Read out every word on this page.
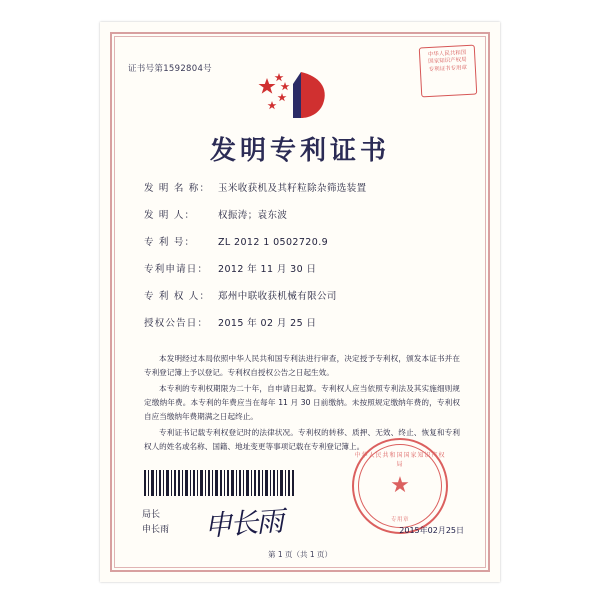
证书号第1592804号
中华人民共和国
国家知识产权局
专利证书专用章
发明专利证书
发 明 名 称： 玉米收获机及其籽粒除杂筛选装置
发 明 人：	权振涛；袁东波
专 利 号：	ZL 2012 1 0502720.9
专利申请日：	2012 年 11 月 30 日
专 利 权 人： 郑州中联收获机械有限公司
授权公告日：	2015 年 02 月 25 日

本发明经过本局依照中华人民共和国专利法进行审查，决定授予专利权，颁发本证书并在专利登记簿上予以登记。专利权自授权公告之日起生效。

本专利的专利权期限为二十年，自申请日起算。专利权人应当依照专利法及其实施细则规定缴纳年费。本专利的年费应当在每年 11 月 30 日前缴纳。未按照规定缴纳年费的，专利权自应当缴纳年费期满之日起终止。

专利证书记载专利权登记时的法律状况。专利权的转移、质押、无效、终止、恢复和专利权人的姓名或名称、国籍、地址变更等事项记载在专利登记簿上。

局长
申长雨 申长雨
中华人民共和国国家知识产权局
★
专用章
2015年02月25日
第 1 页（共 1 页）
